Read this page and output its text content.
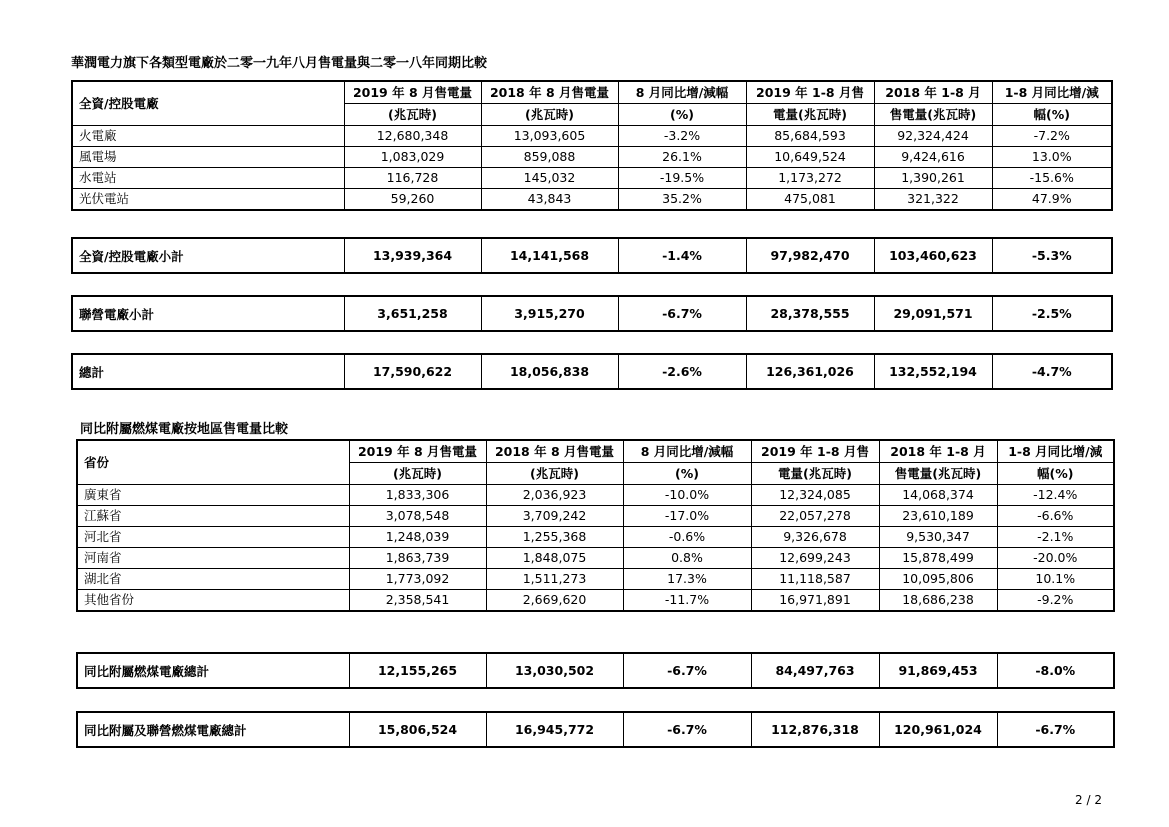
華潤電力旗下各類型電廠於二零一九年八月售電量與二零一八年同期比較
全資/控股電廠	2019 年 8 月售電量	2018 年 8 月售電量	8 月同比增/減幅	2019 年 1-8 月售	2018 年 1-8 月	1-8 月同比增/減
	(兆瓦時)	(兆瓦時)	(%)	電量(兆瓦時)	售電量(兆瓦時)	幅(%)
火電廠	12,680,348	13,093,605	-3.2%	85,684,593	92,324,424	-7.2%
風電場	1,083,029	859,088	26.1%	10,649,524	9,424,616	13.0%
水電站	116,728	145,032	-19.5%	1,173,272	1,390,261	-15.6%
光伏電站	59,260	43,843	35.2%	475,081	321,322	47.9%
全資/控股電廠小計	13,939,364	14,141,568	-1.4%	97,982,470	103,460,623	-5.3%
聯營電廠小計	3,651,258	3,915,270	-6.7%	28,378,555	29,091,571	-2.5%
總計	17,590,622	18,056,838	-2.6%	126,361,026	132,552,194	-4.7%
同比附屬燃煤電廠按地區售電量比較
省份	2019 年 8 月售電量	2018 年 8 月售電量	8 月同比增/減幅	2019 年 1-8 月售	2018 年 1-8 月	1-8 月同比增/減
	(兆瓦時)	(兆瓦時)	(%)	電量(兆瓦時)	售電量(兆瓦時)	幅(%)
廣東省	1,833,306	2,036,923	-10.0%	12,324,085	14,068,374	-12.4%
江蘇省	3,078,548	3,709,242	-17.0%	22,057,278	23,610,189	-6.6%
河北省	1,248,039	1,255,368	-0.6%	9,326,678	9,530,347	-2.1%
河南省	1,863,739	1,848,075	0.8%	12,699,243	15,878,499	-20.0%
湖北省	1,773,092	1,511,273	17.3%	11,118,587	10,095,806	10.1%
其他省份	2,358,541	2,669,620	-11.7%	16,971,891	18,686,238	-9.2%
同比附屬燃煤電廠總計	12,155,265	13,030,502	-6.7%	84,497,763	91,869,453	-8.0%
同比附屬及聯營燃煤電廠總計	15,806,524	16,945,772	-6.7%	112,876,318	120,961,024	-6.7%
2 / 2
